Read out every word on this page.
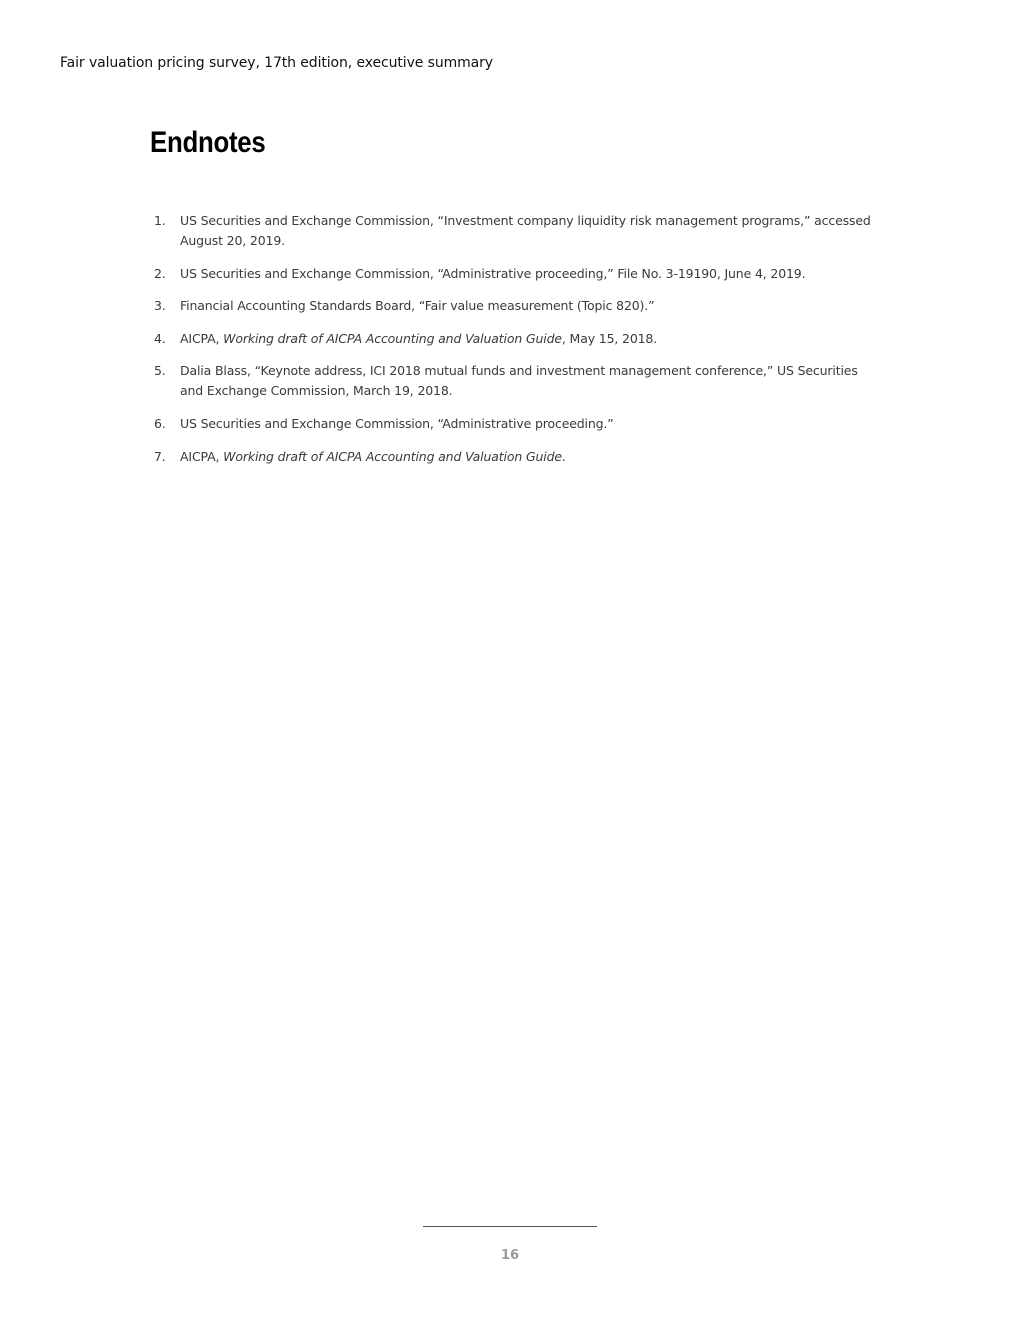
Fair valuation pricing survey, 17th edition, executive summary
Endnotes
1.	US Securities and Exchange Commission, “Investment company liquidity risk management programs,” accessed August 20, 2019.
2.	US Securities and Exchange Commission, “Administrative proceeding,” File No. 3-19190, June 4, 2019.
3.	Financial Accounting Standards Board, “Fair value measurement (Topic 820).”
4.	AICPA, Working draft of AICPA Accounting and Valuation Guide, May 15, 2018.
5.	Dalia Blass, “Keynote address, ICI 2018 mutual funds and investment management conference,” US Securities and Exchange Commission, March 19, 2018.
6.	US Securities and Exchange Commission, “Administrative proceeding.”
7.	AICPA, Working draft of AICPA Accounting and Valuation Guide.
16
